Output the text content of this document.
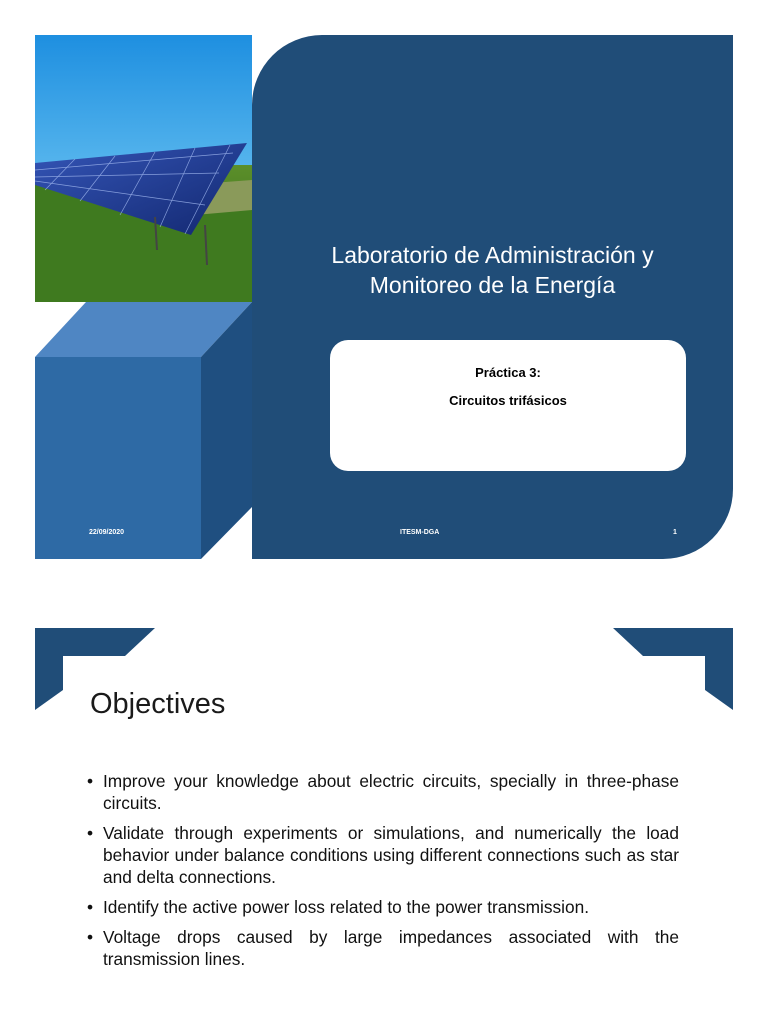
Laboratorio de Administración y
Monitoreo de la Energía
Práctica 3:
Circuitos trifásicos
ITESM-DGA	1
22/09/2020
Objectives
• Improve your knowledge about electric circuits, specially in three-phase circuits.
• Validate through experiments or simulations, and numerically the load behavior under balance conditions using different connections such as star and delta connections.
• Identify the active power loss related to the power transmission.
• Voltage drops caused by large impedances associated with the transmission lines.
